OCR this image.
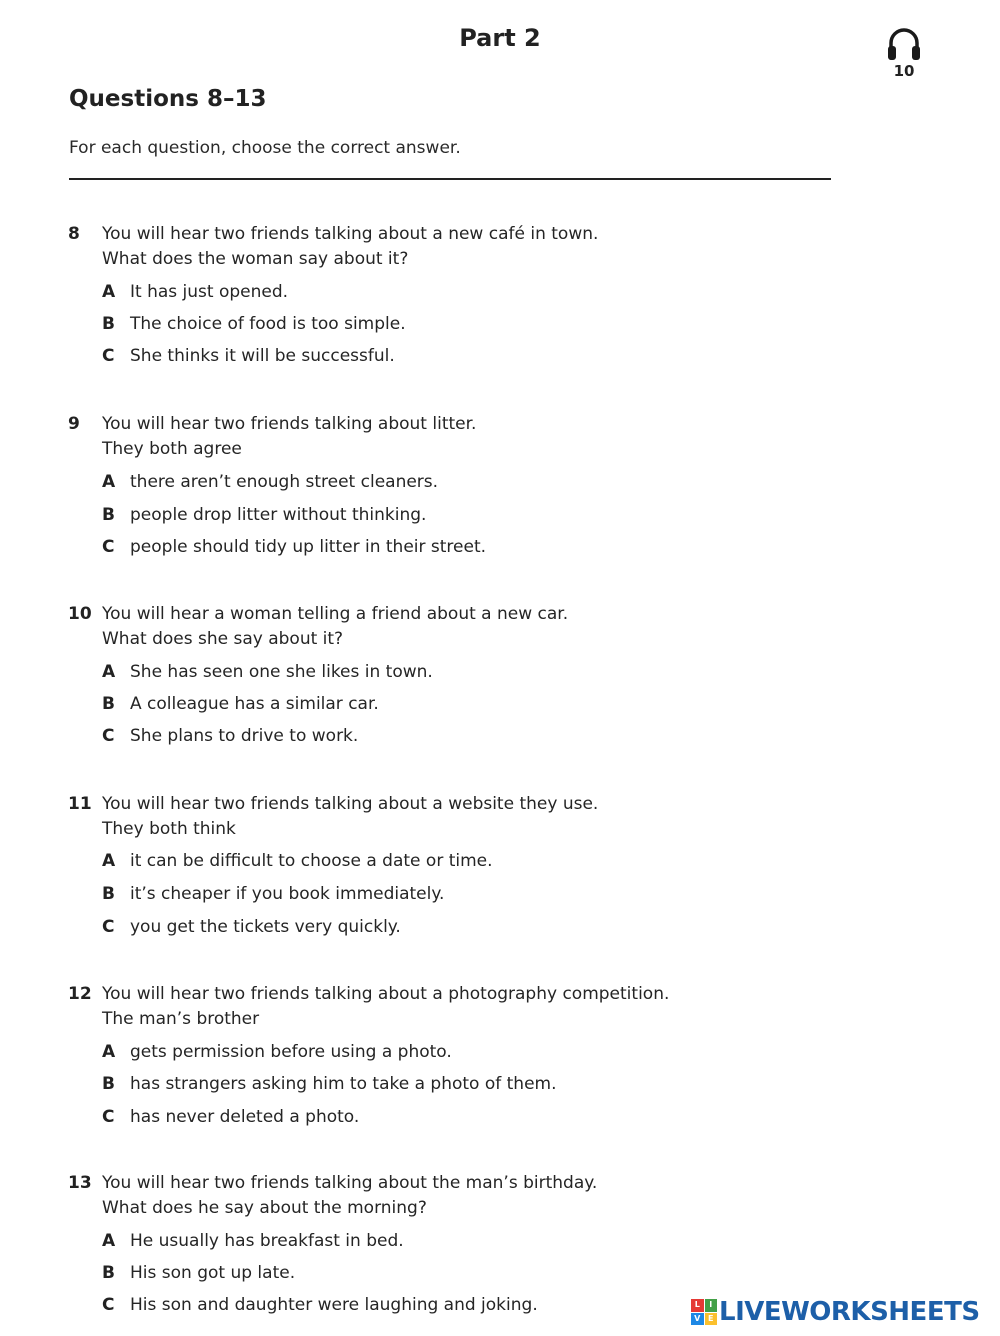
Part 2
10
Questions 8–13
For each question, choose the correct answer.
8 You will hear two friends talking about a new café in town.
What does the woman say about it?
A It has just opened.
B The choice of food is too simple.
C She thinks it will be successful.
9 You will hear two friends talking about litter.
They both agree
A there aren’t enough street cleaners.
B people drop litter without thinking.
C people should tidy up litter in their street.
10 You will hear a woman telling a friend about a new car.
What does she say about it?
A She has seen one she likes in town.
B A colleague has a similar car.
C She plans to drive to work.
11 You will hear two friends talking about a website they use.
They both think
A it can be difficult to choose a date or time.
B it’s cheaper if you book immediately.
C you get the tickets very quickly.
12 You will hear two friends talking about a photography competition.
The man’s brother
A gets permission before using a photo.
B has strangers asking him to take a photo of them.
C has never deleted a photo.
13 You will hear two friends talking about the man’s birthday.
What does he say about the morning?
A He usually has breakfast in bed.
B His son got up late.
C His son and daughter were laughing and joking.	L	I
V E LIVEWORKSHEETS
